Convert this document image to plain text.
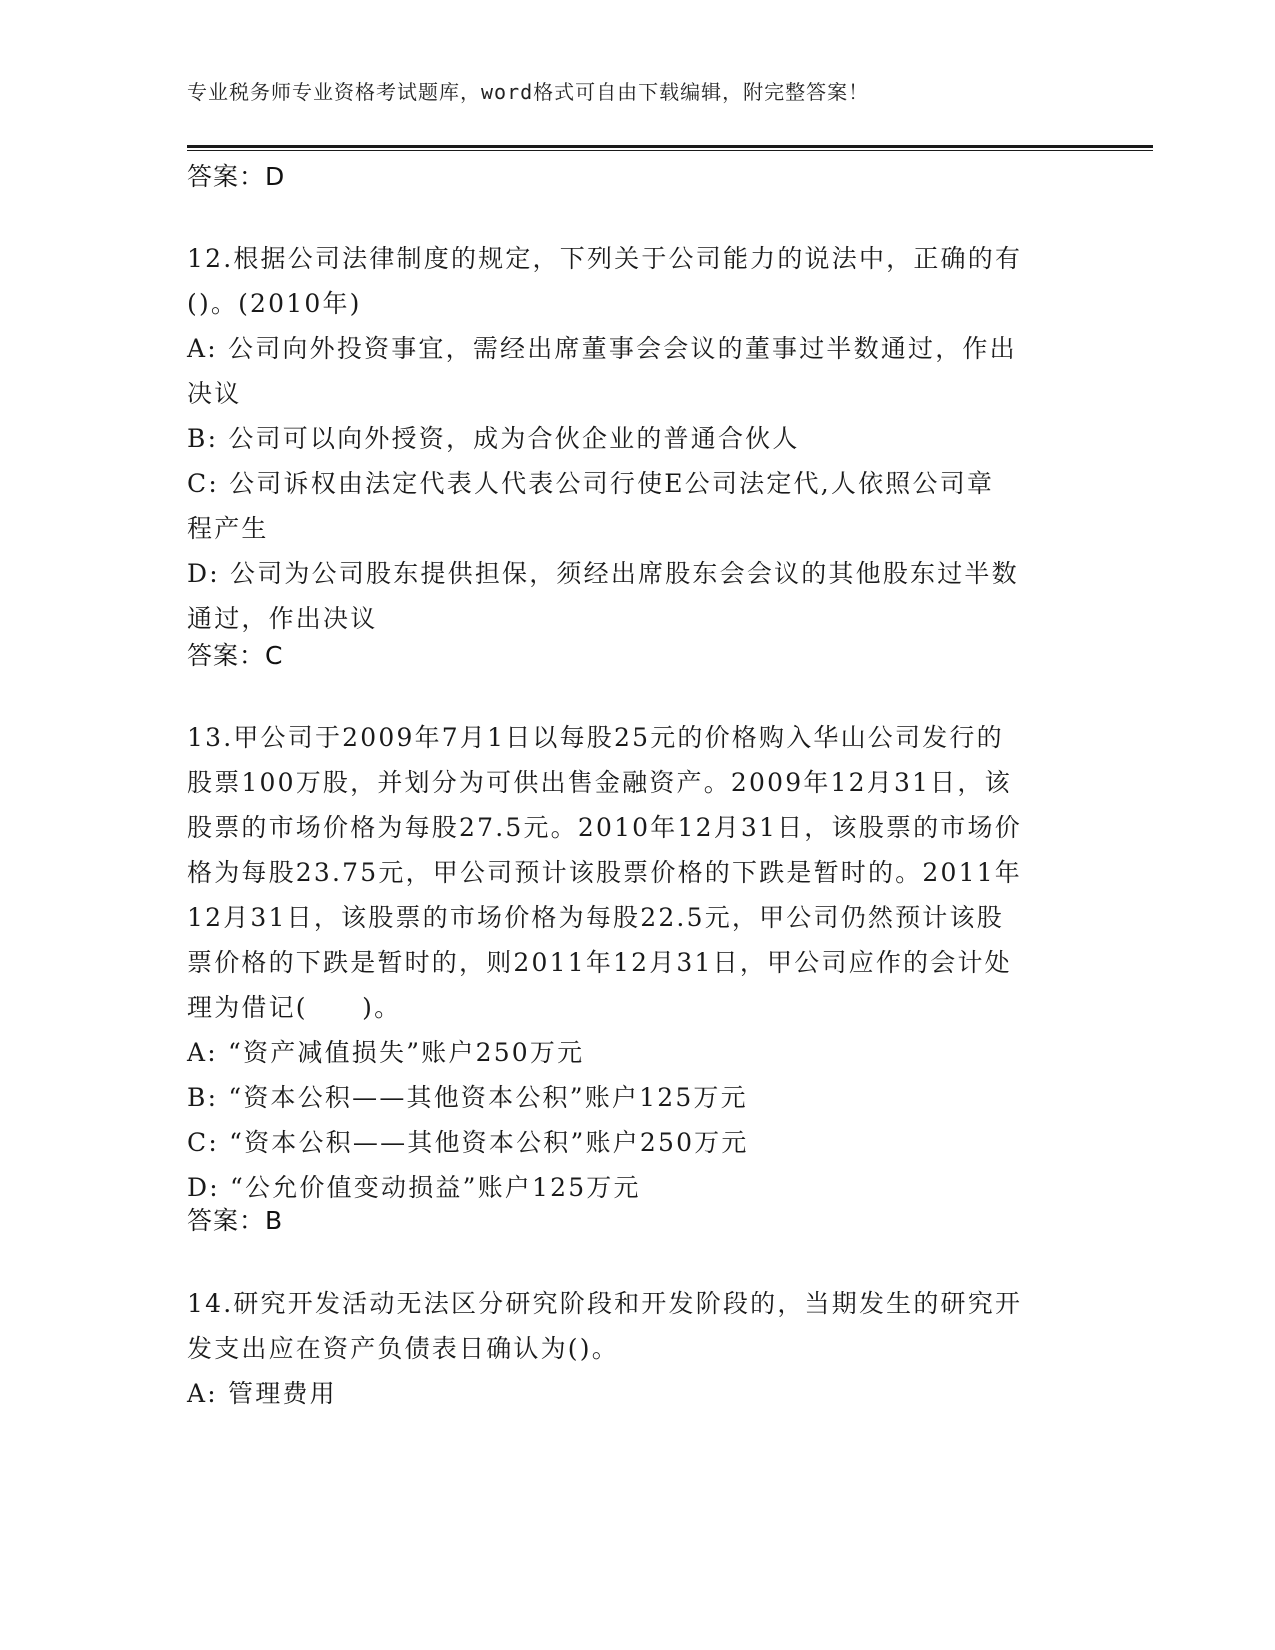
专业税务师专业资格考试题库，word格式可自由下载编辑，附完整答案！
答案：D
12.根据公司法律制度的规定，下列关于公司能力的说法中，正确的有
()。(2010年)
A: 公司向外投资事宜，需经出席董事会会议的董事过半数通过，作出
决议
B: 公司可以向外授资，成为合伙企业的普通合伙人
C: 公司诉权由法定代表人代表公司行使E公司法定代,人依照公司章
程产生
D: 公司为公司股东提供担保，须经出席股东会会议的其他股东过半数
通过，作出决议
答案：C
13.甲公司于2009年7月1日以每股25元的价格购入华山公司发行的
股票100万股，并划分为可供出售金融资产。2009年12月31日，该
股票的市场价格为每股27.5元。2010年12月31日，该股票的市场价
格为每股23.75元，甲公司预计该股票价格的下跌是暂时的。2011年
12月31日，该股票的市场价格为每股22.5元，甲公司仍然预计该股
票价格的下跌是暂时的，则2011年12月31日，甲公司应作的会计处
理为借记(　　)。
A: “资产减值损失”账户250万元
B: “资本公积——其他资本公积”账户125万元
C: “资本公积——其他资本公积”账户250万元
D: “公允价值变动损益”账户125万元
答案：B
14.研究开发活动无法区分研究阶段和开发阶段的，当期发生的研究开
发支出应在资产负债表日确认为()。
A: 管理费用
